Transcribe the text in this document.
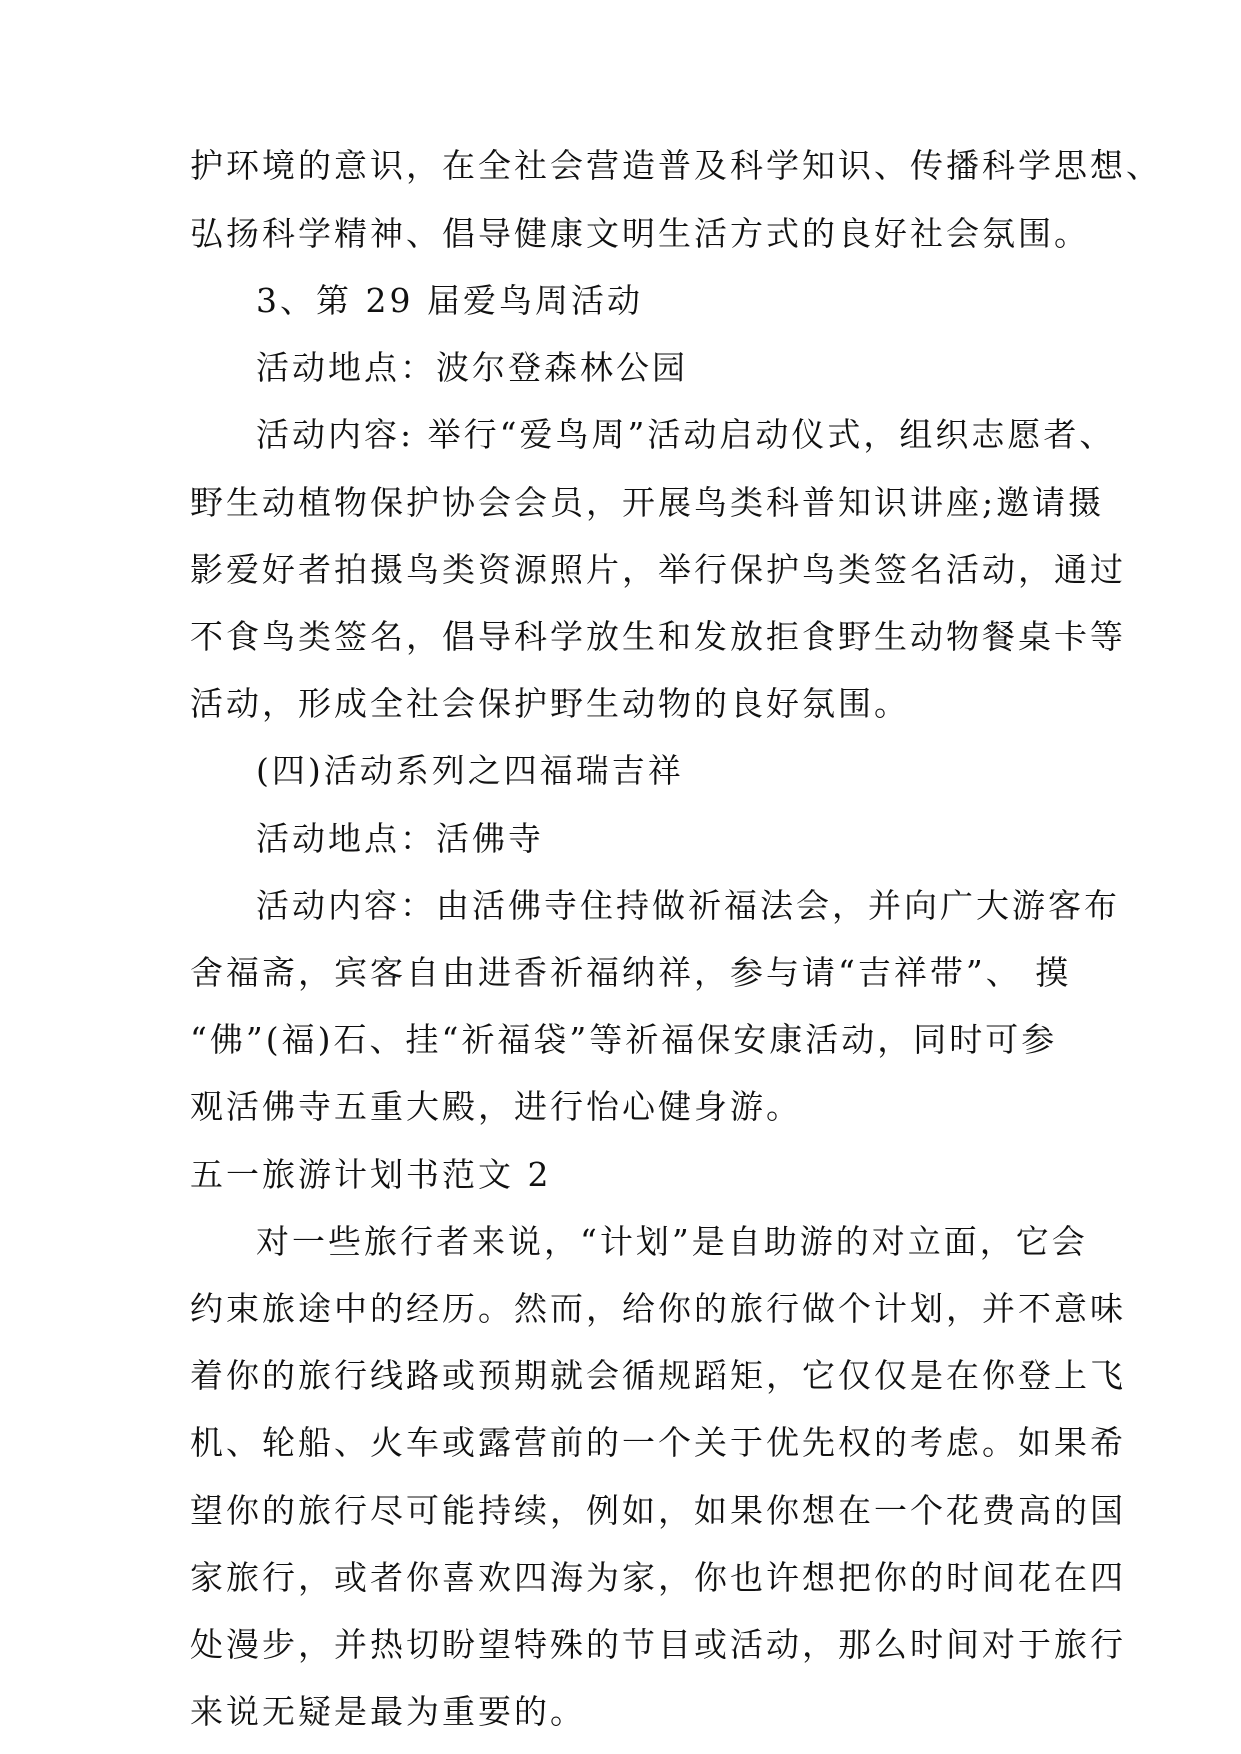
护环境的意识，在全社会营造普及科学知识、传播科学思想、
弘扬科学精神、倡导健康文明生活方式的良好社会氛围。
3、第 29 届爱鸟周活动
活动地点：波尔登森林公园
活动内容: 举行“爱鸟周”活动启动仪式，组织志愿者、
野生动植物保护协会会员，开展鸟类科普知识讲座;邀请摄
影爱好者拍摄鸟类资源照片，举行保护鸟类签名活动，通过
不食鸟类签名，倡导科学放生和发放拒食野生动物餐桌卡等
活动，形成全社会保护野生动物的良好氛围。
(四)活动系列之四福瑞吉祥
活动地点：活佛寺
活动内容：由活佛寺住持做祈福法会，并向广大游客布
舍福斋，宾客自由进香祈福纳祥，参与请“吉祥带”、 摸
“佛”(福)石、挂“祈福袋”等祈福保安康活动，同时可参
观活佛寺五重大殿，进行怡心健身游。
五一旅游计划书范文 2
对一些旅行者来说，“计划”是自助游的对立面，它会
约束旅途中的经历。然而，给你的旅行做个计划，并不意味
着你的旅行线路或预期就会循规蹈矩，它仅仅是在你登上飞
机、轮船、火车或露营前的一个关于优先权的考虑。如果希
望你的旅行尽可能持续，例如，如果你想在一个花费高的国
家旅行，或者你喜欢四海为家，你也许想把你的时间花在四
处漫步，并热切盼望特殊的节目或活动，那么时间对于旅行
来说无疑是最为重要的。
